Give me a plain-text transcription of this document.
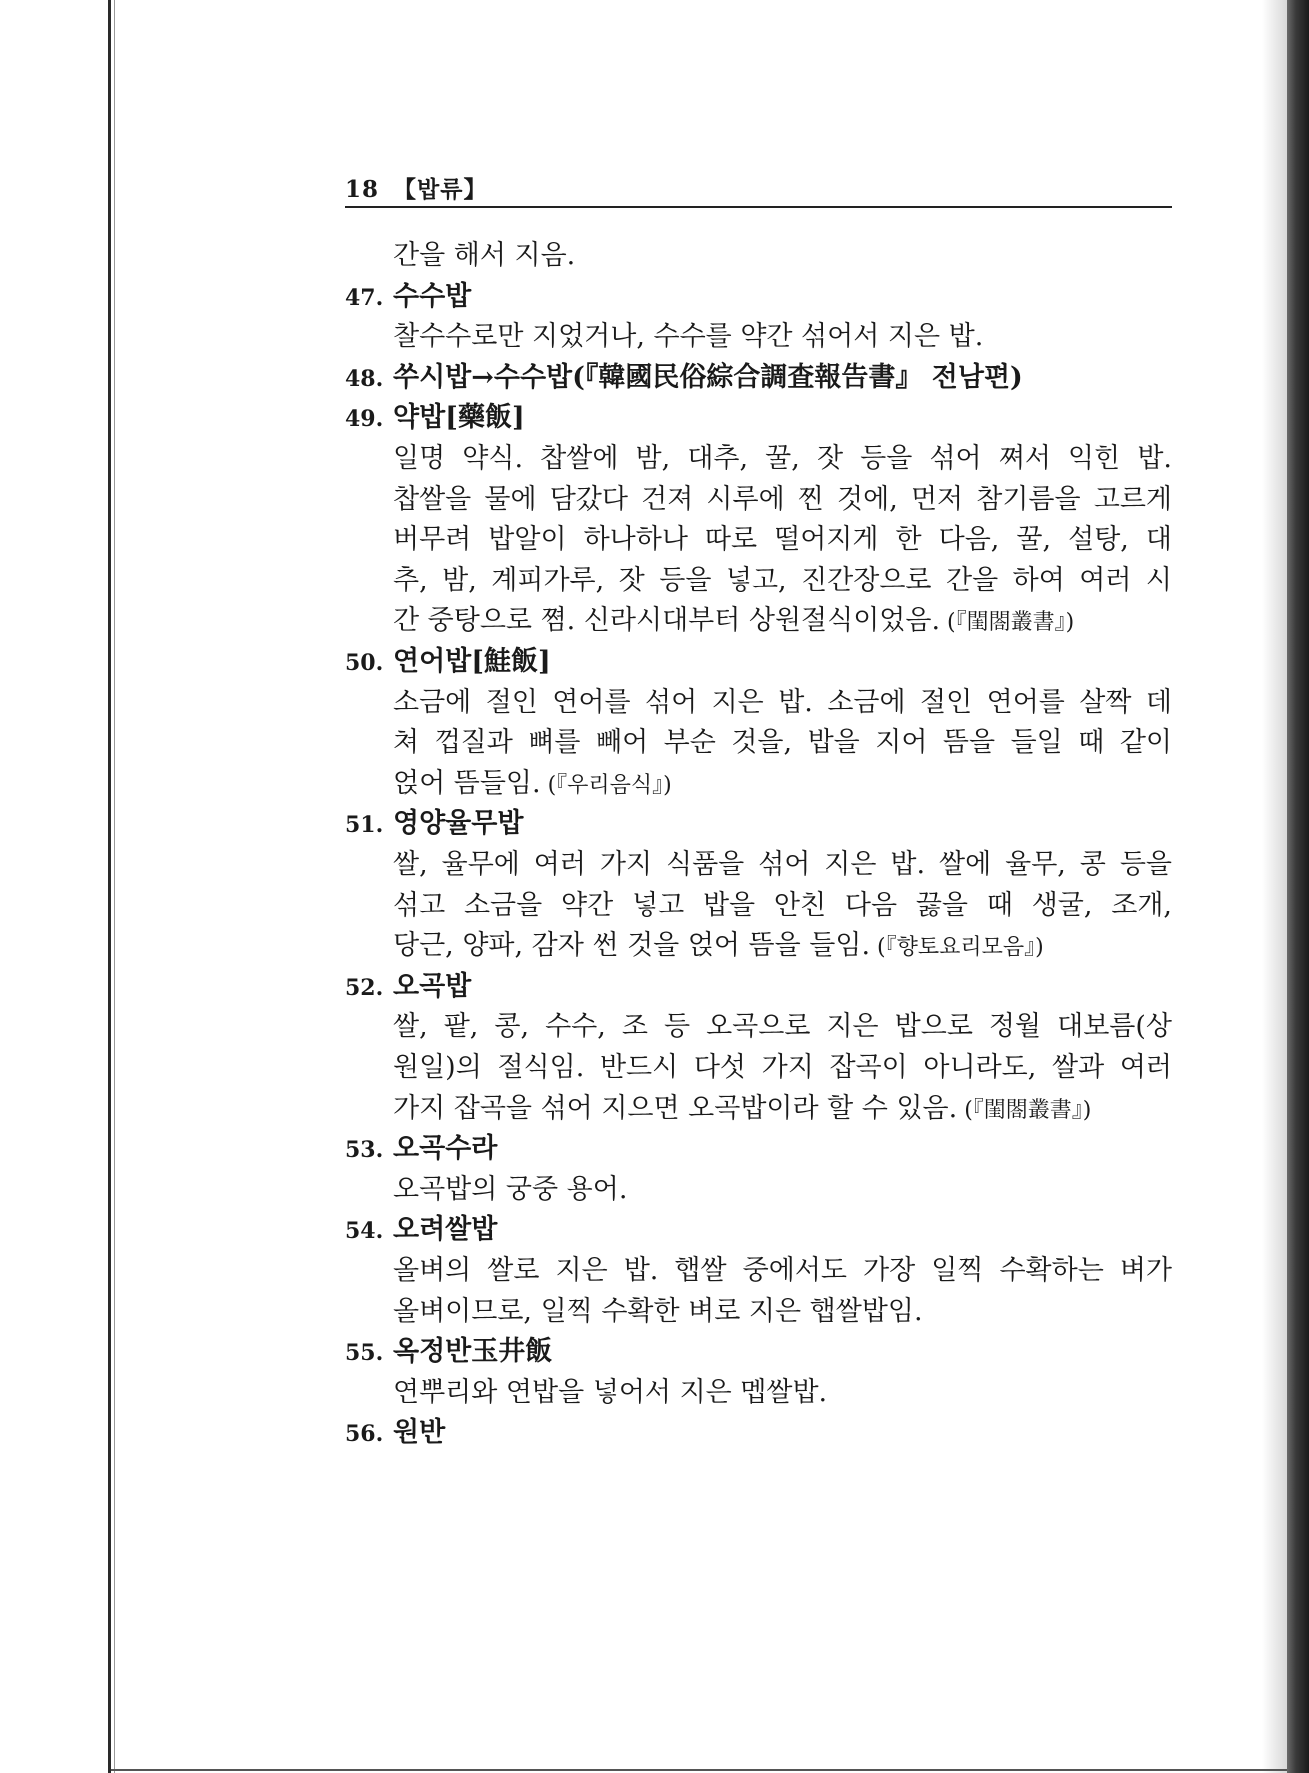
18 【밥류】
간을 해서 지음.
47. 수수밥
찰수수로만 지었거나, 수수를 약간 섞어서 지은 밥.
48. 쑤시밥→수수밥(『韓國民俗綜合調査報告書』 전남편)
49. 약밥[藥飯]
일명 약식. 찹쌀에 밤, 대추, 꿀, 잣 등을 섞어 쪄서 익힌 밥.
찹쌀을 물에 담갔다 건져 시루에 찐 것에, 먼저 참기름을 고르게
버무려 밥알이 하나하나 따로 떨어지게 한 다음, 꿀, 설탕, 대
추, 밤, 계피가루, 잣 등을 넣고, 진간장으로 간을 하여 여러 시
간 중탕으로 쪔. 신라시대부터 상원절식이었음. (『閨閤叢書』)
50. 연어밥[鮭飯]
소금에 절인 연어를 섞어 지은 밥. 소금에 절인 연어를 살짝 데
쳐 껍질과 뼈를 빼어 부순 것을, 밥을 지어 뜸을 들일 때 같이
얹어 뜸들임. (『우리음식』)
51. 영양율무밥
쌀, 율무에 여러 가지 식품을 섞어 지은 밥. 쌀에 율무, 콩 등을
섞고 소금을 약간 넣고 밥을 안친 다음 끓을 때 생굴, 조개,
당근, 양파, 감자 썬 것을 얹어 뜸을 들임. (『향토요리모음』)
52. 오곡밥
쌀, 팥, 콩, 수수, 조 등 오곡으로 지은 밥으로 정월 대보름(상
원일)의 절식임. 반드시 다섯 가지 잡곡이 아니라도, 쌀과 여러
가지 잡곡을 섞어 지으면 오곡밥이라 할 수 있음. (『閨閤叢書』)
53. 오곡수라
오곡밥의 궁중 용어.
54. 오려쌀밥
올벼의 쌀로 지은 밥. 햅쌀 중에서도 가장 일찍 수확하는 벼가
올벼이므로, 일찍 수확한 벼로 지은 햅쌀밥임.
55. 옥정반玉井飯
연뿌리와 연밥을 넣어서 지은 멥쌀밥.
56. 원반
